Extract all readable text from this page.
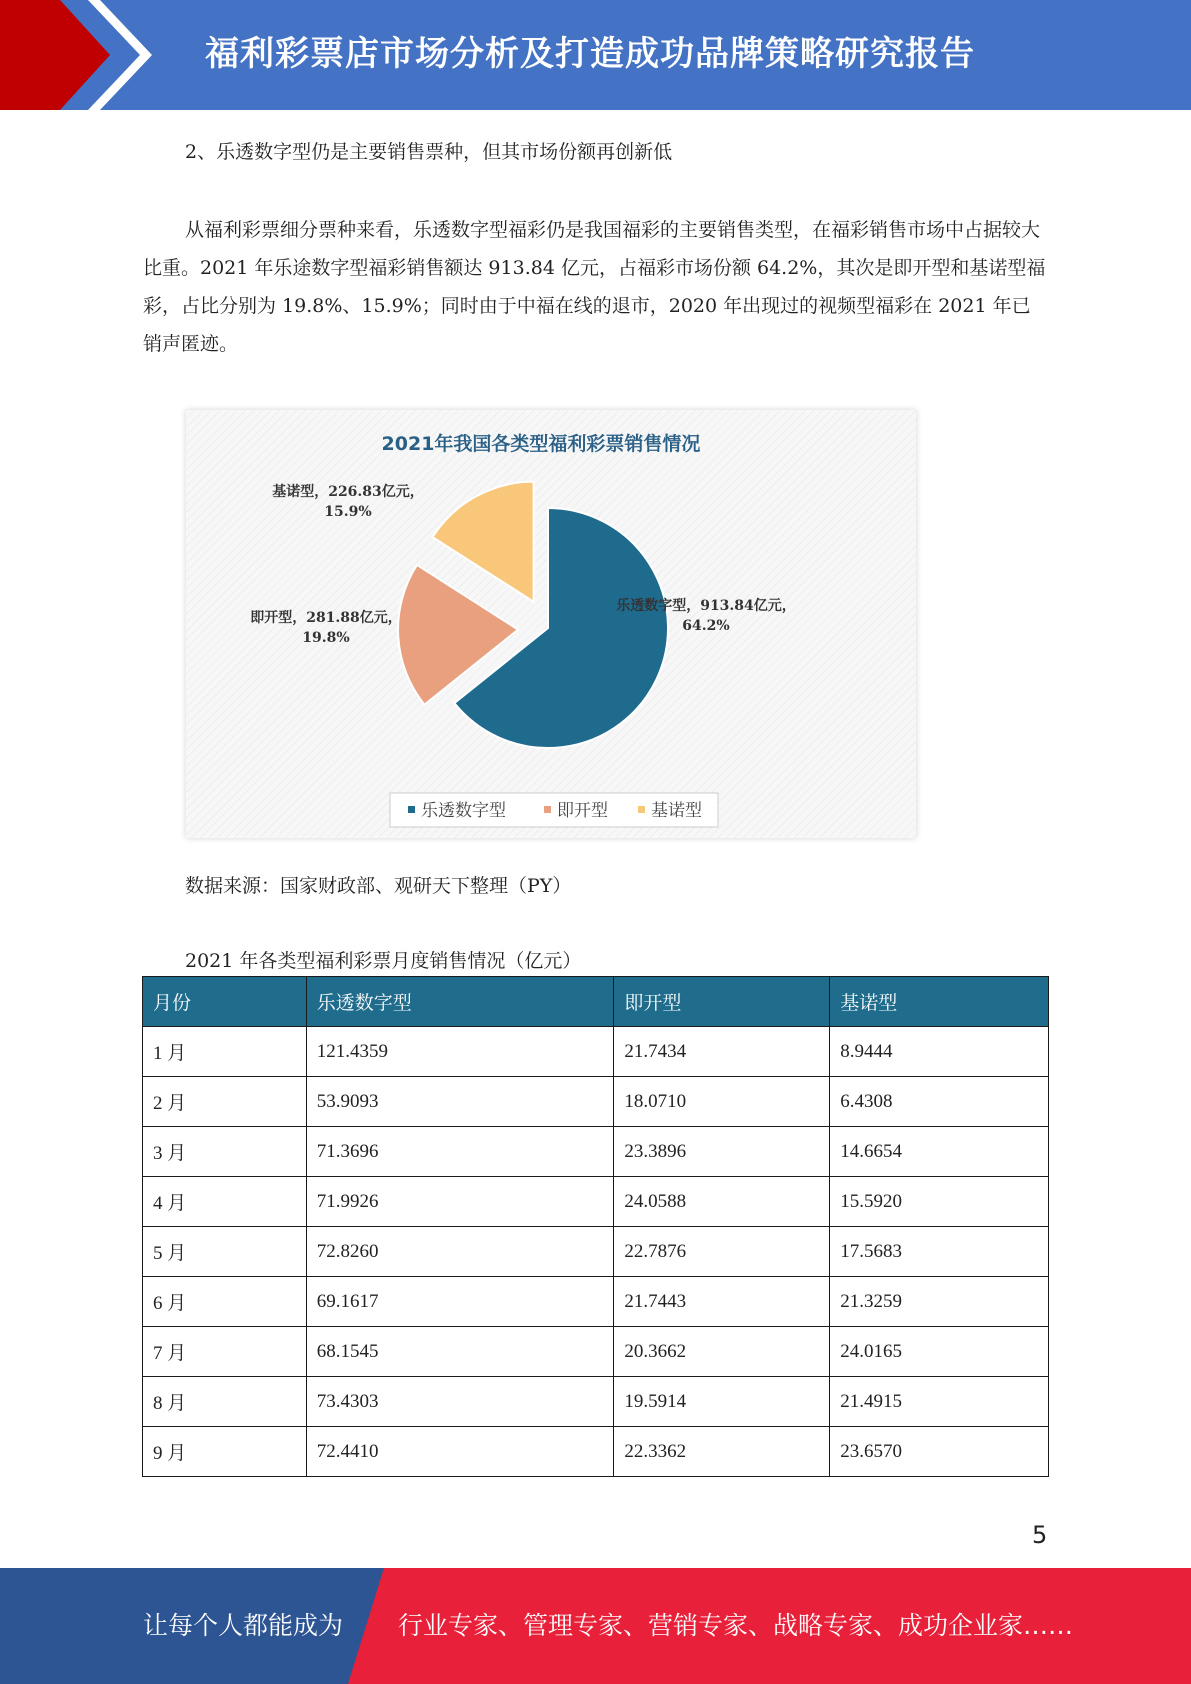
福利彩票店市场分析及打造成功品牌策略研究报告
2、乐透数字型仍是主要销售票种，但其市场份额再创新低

从福利彩票细分票种来看，乐透数字型福彩仍是我国福彩的主要销售类型，在福彩销售市场中占据较大比重。2021 年乐途数字型福彩销售额达 913.84 亿元，占福彩市场份额 64.2%，其次是即开型和基诺型福彩，占比分别为 19.8%、15.9%；同时由于中福在线的退市，2020 年出现过的视频型福彩在 2021 年已销声匿迹。

2021年我国各类型福利彩票销售情况
乐透数字型，913.84亿元，
64.2%
即开型，281.88亿元，
19.8%
基诺型，226.83亿元，
15.9%
乐透数字型	即开型	基诺型
数据来源：国家财政部、观研天下整理（PY）
2021 年各类型福利彩票月度销售情况（亿元）
月份	乐透数字型	即开型	基诺型
1 月	121.4359	21.7434	8.9444
2 月	53.9093	18.0710	6.4308
3 月	71.3696	23.3896	14.6654
4 月	71.9926	24.0588	15.5920
5 月	72.8260	22.7876	17.5683
6 月	69.1617	21.7443	21.3259
7 月	68.1545	20.3662	24.0165
8 月	73.4303	19.5914	21.4915
9 月	72.4410	22.3362	23.6570
5
让每个人都能成为 行业专家、管理专家、营销专家、战略专家、成功企业家……
